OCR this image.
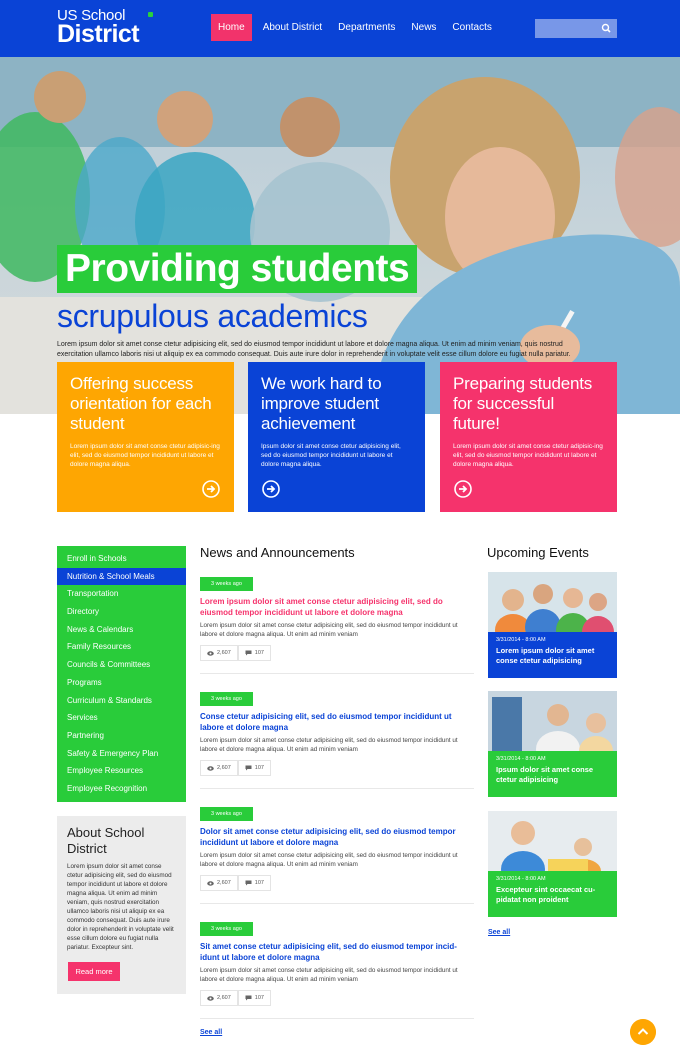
US School
District	Home	About District	Departments	News	Contacts
Providing students
scrupulous academics
Lorem ipsum dolor sit amet conse ctetur adipisicing elit, sed do eiusmod tempor incididunt ut labore et dolore magna aliqua. Ut enim ad minim veniam, quis nostrud exercitation ullamco laboris nisi ut aliquip ex ea commodo consequat. Duis aute irure dolor in reprehenderit in voluptate velit esse cillum dolore eu fugiat nulla pariatur.
Offering success orientation for each student

Lorem ipsum dolor sit amet conse ctetur adipisic-ing elit, sed do eiusmod tempor incididunt ut labore et dolore magna aliqua.

We work hard to improve student achievement

Ipsum dolor sit amet conse ctetur adipisicing elit, sed do eiusmod tempor incididunt ut labore et dolore magna aliqua.

Preparing students for successful future!

Lorem ipsum dolor sit amet conse ctetur adipisic-ing elit, sed do eiusmod tempor incididunt ut labore et dolore magna aliqua.

Enroll in Schools
Nutrition & School Meals
Transportation
Directory
News & Calendars
Family Resources
Councils & Committees
Programs
Curriculum & Standards
Services
Partnering
Safety & Emergency Plan
Employee Resources
Employee Recognition
About School District

Lorem ipsum dolor sit amet conse ctetur adipisicing elit, sed do eiusmod tempor incididunt ut labore et dolore magna aliqua. Ut enim ad minim veniam, quis nostrud exercitation ullamco laboris nisi ut aliquip ex ea commodo consequat. Duis aute irure dolor in reprehenderit in voluptate velit esse cillum dolore eu fugiat nulla pariatur. Excepteur sint.

Read more
News and Announcements
3 weeks ago
Lorem ipsum dolor sit amet conse ctetur adipisicing elit, sed do eiusmod tempor incididunt ut labore et dolore magna
Lorem ipsum dolor sit amet conse ctetur adipisicing elit, sed do eiusmod tempor incididunt ut labore et dolore magna aliqua. Ut enim ad minim veniam
2,607	107
3 weeks ago
Conse ctetur adipisicing elit, sed do eiusmod tempor incididunt ut labore et dolore magna
Lorem ipsum dolor sit amet conse ctetur adipisicing elit, sed do eiusmod tempor incididunt ut labore et dolore magna aliqua. Ut enim ad minim veniam
2,607	107
3 weeks ago
Dolor sit amet conse ctetur adipisicing elit, sed do eiusmod tempor incididunt ut labore et dolore magna
Lorem ipsum dolor sit amet conse ctetur adipisicing elit, sed do eiusmod tempor incididunt ut labore et dolore magna aliqua. Ut enim ad minim veniam
2,607	107
3 weeks ago
Sit amet conse ctetur adipisicing elit, sed do eiusmod tempor incid-idunt ut labore et dolore magna
Lorem ipsum dolor sit amet conse ctetur adipisicing elit, sed do eiusmod tempor incididunt ut labore et dolore magna aliqua. Ut enim ad minim veniam
2,607	107
See all
Upcoming Events
3/31/2014 - 8:00 AM
Lorem ipsum dolor sit amet conse ctetur adipisicing
3/31/2014 - 8:00 AM
Ipsum dolor sit amet conse ctetur adipisicing
3/31/2014 - 8:00 AM
Excepteur sint occaecat cu-pidatat non proident
See all
